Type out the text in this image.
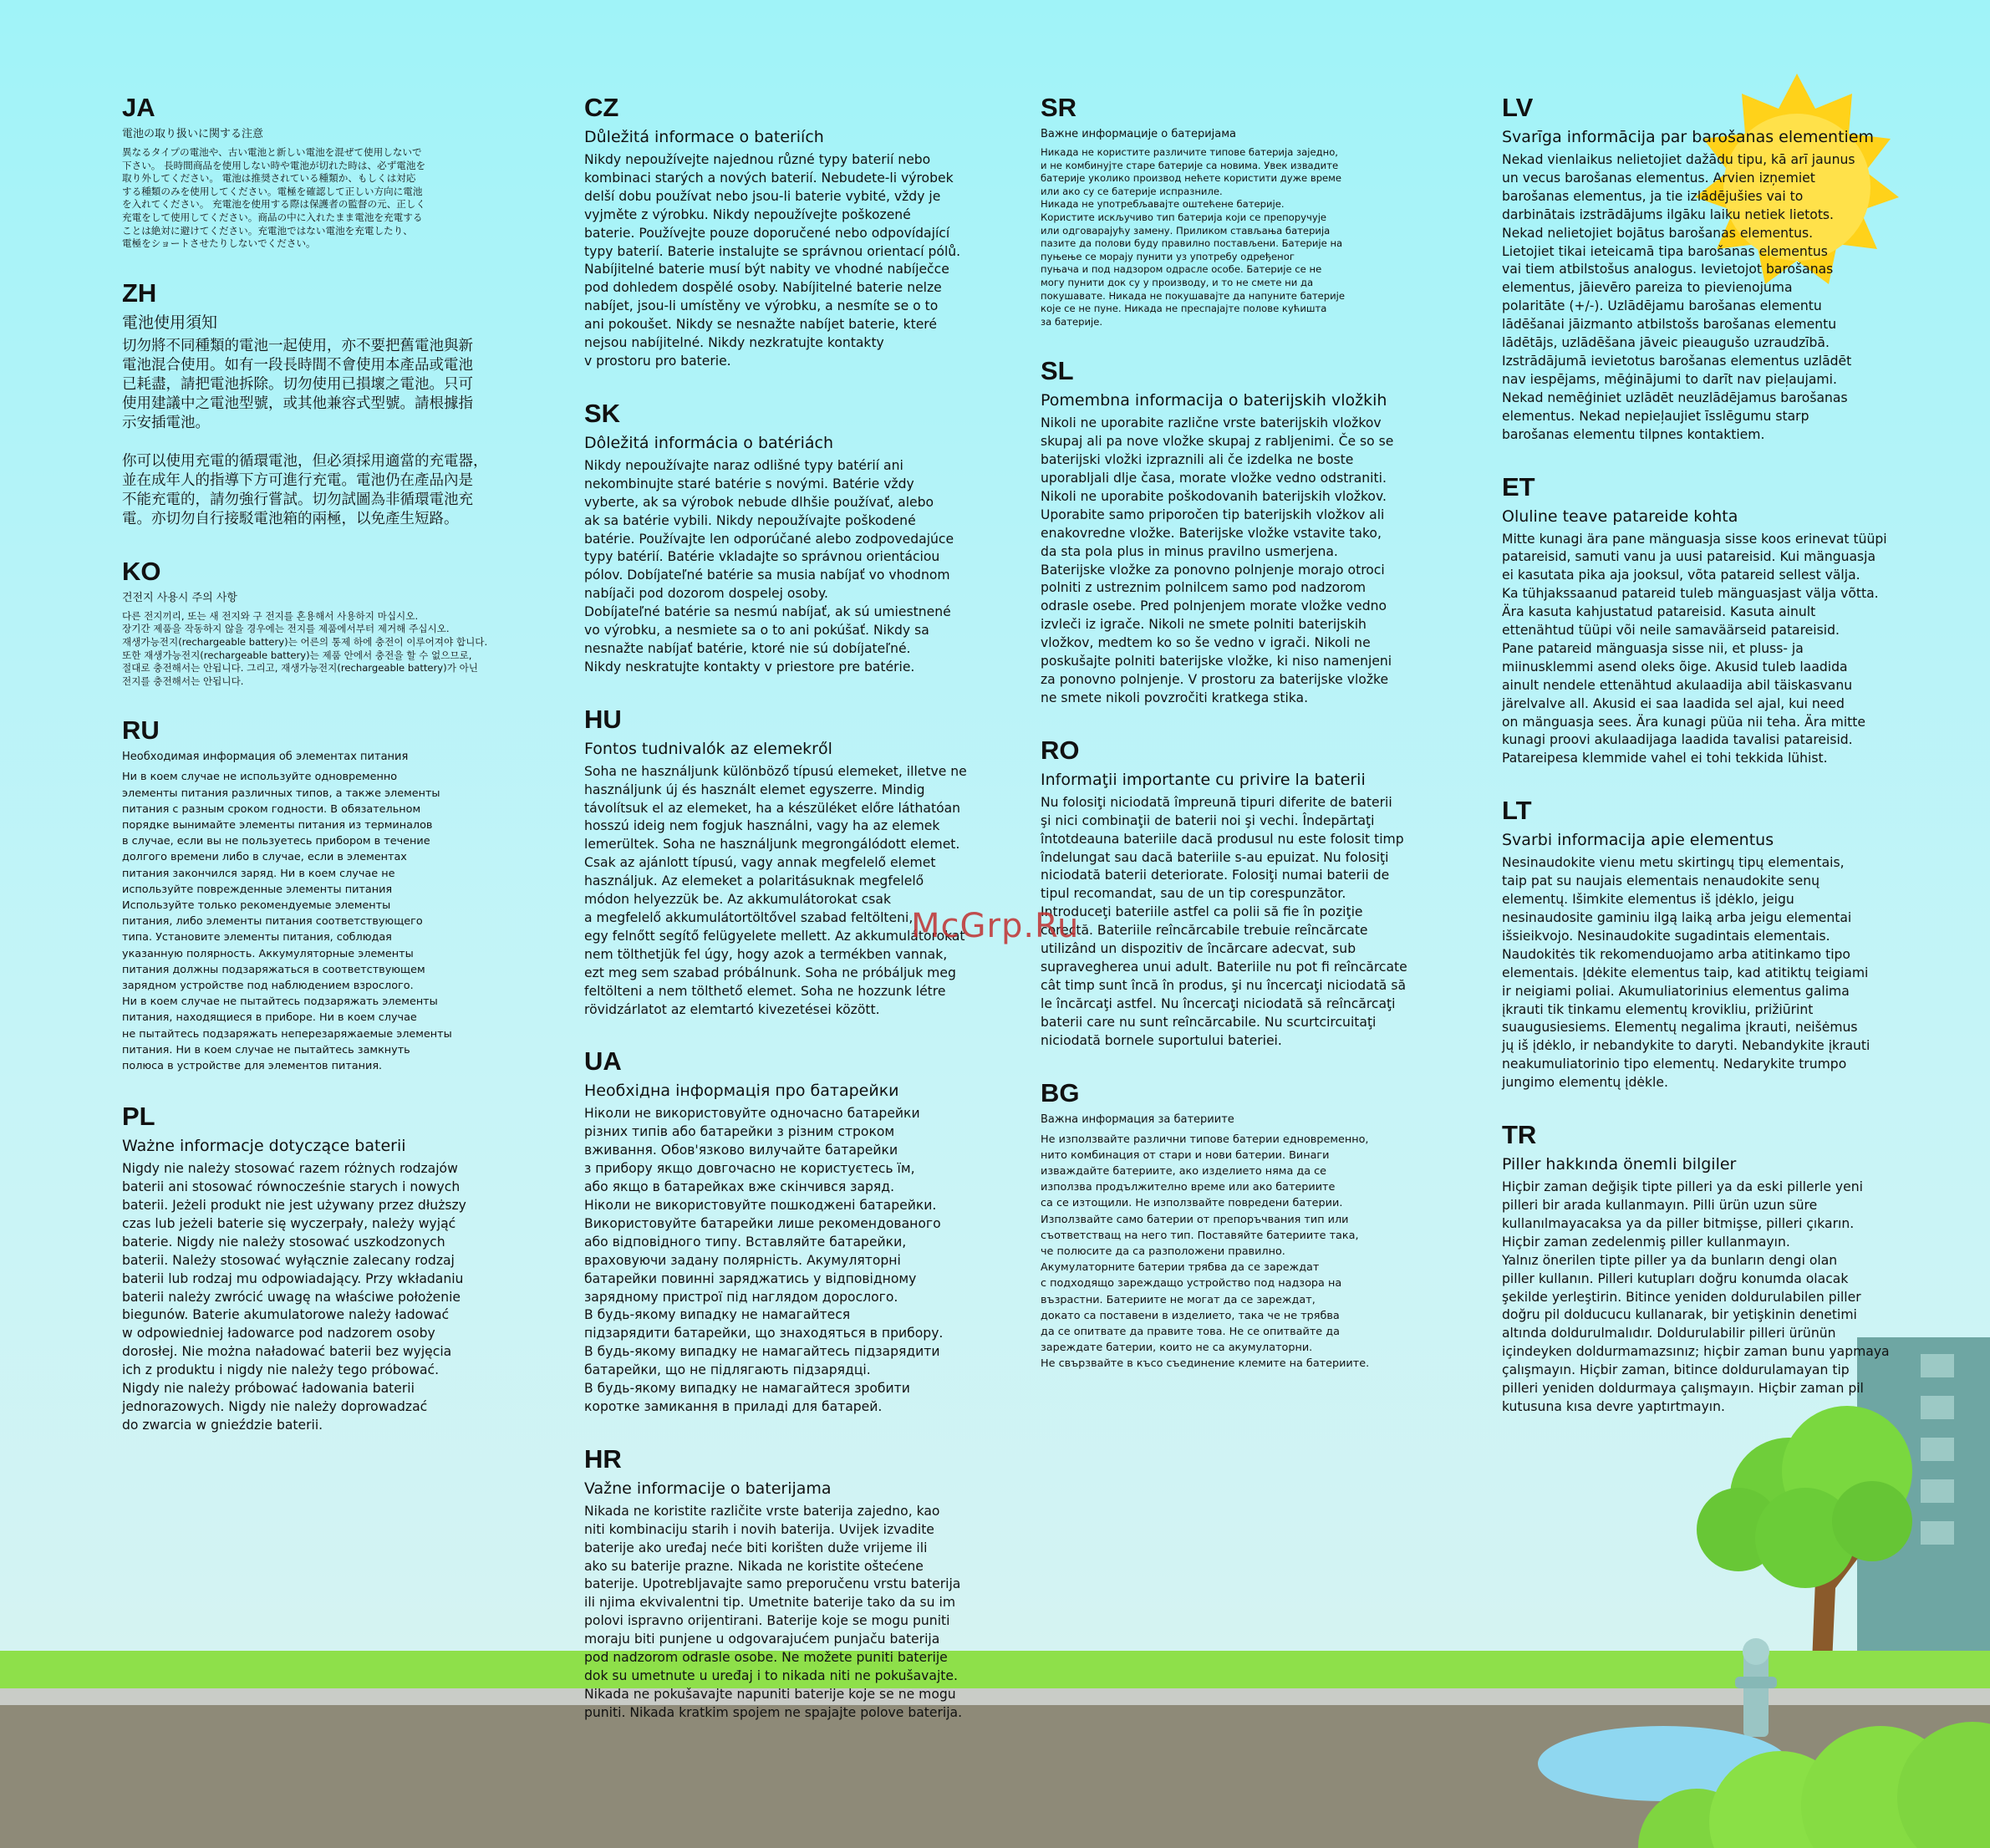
McGrp.Ru
JA
電池の取り扱いに関する注意
異なるタイプの電池や、古い電池と新しい電池を混ぜて使用しないで
下さい。 長時間商品を使用しない時や電池が切れた時は、必ず電池を
取り外してください。 電池は推奨されている種類か、もしくは対応
する種類のみを使用してください。電極を確認して正しい方向に電池
を入れてください。 充電池を使用する際は保護者の監督の元、正しく
充電をして使用してください。商品の中に入れたまま電池を充電する
ことは絶対に避けてください。充電池ではない電池を充電したり、
電極をショートさせたりしないでください。
ZH
電池使用須知
切勿將不同種類的電池一起使用，亦不要把舊電池與新
電池混合使用。如有一段長時間不會使用本產品或電池
已耗盡，請把電池拆除。切勿使用已損壞之電池。只可
使用建議中之電池型號，或其他兼容式型號。請根據指
示安插電池。

你可以使用充電的循環電池，但必須採用適當的充電器，
並在成年人的指導下方可進行充電。電池仍在產品內是
不能充電的，請勿強行嘗試。切勿試圖為非循環電池充
電。亦切勿自行接駁電池箱的兩極，以免產生短路。
KO
건전지 사용시 주의 사항
다른 전지끼리, 또는 새 전지와 구 전지를 혼용해서 사용하지 마십시오.
장기간 제품을 작동하지 않을 경우에는 전지를 제품에서부터 제거해 주십시오.
재생가능전지(rechargeable battery)는 어른의 통제 하에 충전이 이루어져야 합니다.
또한 재생가능전지(rechargeable battery)는 제품 안에서 충전을 할 수 없으므로,
절대로 충전해서는 안됩니다. 그리고, 재생가능전지(rechargeable battery)가 아닌
전지를 충전해서는 안됩니다.
RU
Необходимая информация об элементах питания
Ни в коем случае не используйте одновременно
элементы питания различных типов, а также элементы
питания с разным сроком годности. В обязательном
порядке вынимайте элементы питания из терминалов
в случае, если вы не пользуетесь прибором в течение
долгого времени либо в случае, если в элементах
питания закончился заряд. Ни в коем случае не
используйте поврежденные элементы питания
Используйте только рекомендуемые элементы
питания, либо элементы питания соответствующего
типа. Установите элементы питания, соблюдая
указанную полярность. Аккумуляторные элементы
питания должны подзаряжаться в соответствующем
зарядном устройстве под наблюдением взрослого.
Ни в коем случае не пытайтесь подзаряжать элементы
питания, находящиеся в приборе. Ни в коем случае
не пытайтесь подзаряжать неперезаряжаемые элементы
питания. Ни в коем случае не пытайтесь замкнуть
полюса в устройстве для элементов питания.
PL
Ważne informacje dotyczące baterii
Nigdy nie należy stosować razem różnych rodzajów
baterii ani stosować równocześnie starych i nowych
baterii. Jeżeli produkt nie jest używany przez dłuższy
czas lub jeżeli baterie się wyczerpały, należy wyjąć
baterie. Nigdy nie należy stosować uszkodzonych
baterii. Należy stosować wyłącznie zalecany rodzaj
baterii lub rodzaj mu odpowiadający. Przy wkładaniu
baterii należy zwrócić uwagę na właściwe położenie
biegunów. Baterie akumulatorowe należy ładować
w odpowiedniej ładowarce pod nadzorem osoby
dorosłej. Nie można naładować baterii bez wyjęcia
ich z produktu i nigdy nie należy tego próbować.
Nigdy nie należy próbować ładowania baterii
jednorazowych. Nigdy nie należy doprowadzać
do zwarcia w gnieździe baterii.
CZ
Důležitá informace o bateriích
Nikdy nepoužívejte najednou různé typy baterií nebo
kombinaci starých a nových baterií. Nebudete-li výrobek
delší dobu používat nebo jsou-li baterie vybité, vždy je
vyjměte z výrobku. Nikdy nepoužívejte poškozené
baterie. Používejte pouze doporučené nebo odpovídající
typy baterií. Baterie instalujte se správnou orientací pólů.
Nabíjitelné baterie musí být nabity ve vhodné nabíječce
pod dohledem dospělé osoby. Nabíjitelné baterie nelze
nabíjet, jsou-li umístěny ve výrobku, a nesmíte se o to
ani pokoušet. Nikdy se nesnažte nabíjet baterie, které
nejsou nabíjitelné. Nikdy nezkratujte kontakty
v prostoru pro baterie.
SK
Dôležitá informácia o batériách
Nikdy nepoužívajte naraz odlišné typy batérií ani
nekombinujte staré batérie s novými. Batérie vždy
vyberte, ak sa výrobok nebude dlhšie používať, alebo
ak sa batérie vybili. Nikdy nepoužívajte poškodené
batérie. Používajte len odporúčané alebo zodpovedajúce
typy batérií. Batérie vkladajte so správnou orientáciou
pólov. Dobíjateľné batérie sa musia nabíjať vo vhodnom
nabíjači pod dozorom dospelej osoby.
Dobíjateľné batérie sa nesmú nabíjať, ak sú umiestnené
vo výrobku, a nesmiete sa o to ani pokúšať. Nikdy sa
nesnažte nabíjať batérie, ktoré nie sú dobíjateľné.
Nikdy neskratujte kontakty v priestore pre batérie.
HU
Fontos tudnivalók az elemekről
Soha ne használjunk különböző típusú elemeket, illetve ne
használjunk új és használt elemet egyszerre. Mindig
távolítsuk el az elemeket, ha a készüléket előre láthatóan
hosszú ideig nem fogjuk használni, vagy ha az elemek
lemerültek. Soha ne használjunk megrongálódott elemet.
Csak az ajánlott típusú, vagy annak megfelelő elemet
használjuk. Az elemeket a polaritásuknak megfelelő
módon helyezzük be. Az akkumulátorokat csak
a megfelelő akkumulátortöltővel szabad feltölteni,
egy felnőtt segítő felügyelete mellett. Az akkumulátorokat
nem tölthetjük fel úgy, hogy azok a termékben vannak,
ezt meg sem szabad próbálnunk. Soha ne próbáljuk meg
feltölteni a nem tölthető elemet. Soha ne hozzunk létre
rövidzárlatot az elemtartó kivezetései között.
UA
Необхідна інформація про батарейки
Ніколи не використовуйте одночасно батарейки
різних типів або батарейки з різним строком
вживання. Обов'язково вилучайте батарейки
з прибору якщо довгочасно не користуєтесь їм,
або якщо в батарейках вже скінчився заряд.
Ніколи не використовуйте пошкоджені батарейки.
Використовуйте батарейки лише рекомендованого
або відповідного типу. Вставляйте батарейки,
враховуючи задану полярність. Акумуляторні
батарейки повинні заряджатись у відповідному
зарядному пристрої під наглядом дорослого.
В будь-якому випадку не намагайтеся
підзарядити батарейки, що знаходяться в прибору.
В будь-якому випадку не намагайтесь підзарядити
батарейки, що не підлягають підзарядці.
В будь-якому випадку не намагайтеся зробити
коротке замикання в приладі для батарей.
HR
Važne informacije o baterijama
Nikada ne koristite različite vrste baterija zajedno, kao
niti kombinaciju starih i novih baterija. Uvijek izvadite
baterije ako uređaj neće biti korišten duže vrijeme ili
ako su baterije prazne. Nikada ne koristite oštećene
baterije. Upotrebljavajte samo preporučenu vrstu baterija
ili njima ekvivalentni tip. Umetnite baterije tako da su im
polovi ispravno orijentirani. Baterije koje se mogu puniti
moraju biti punjene u odgovarajućem punjaču baterija
pod nadzorom odrasle osobe. Ne možete puniti baterije
dok su umetnute u uređaj i to nikada niti ne pokušavajte.
Nikada ne pokušavajte napuniti baterije koje se ne mogu
puniti. Nikada kratkim spojem ne spajajte polove baterija.
SR
Важне информације о батеријама
Никада не користите различите типове батерија заједно,
и не комбинујте старе батерије са новима. Увек извадите
батерије уколико производ нећете користити дуже време
или ако су се батерије испразниле.
Никада не употребљавајте оштећене батерије.
Користите искључиво тип батерија који се препоручује
или одговарајућу замену. Приликом стављања батерија
пазите да полови буду правилно постављени. Батерије на
пуњење се морају пунити уз употребу одређеног
пуњача и под надзором одрасле особе. Батерије се не
могу пунити док су у производу, и то не смете ни да
покушавате. Никада не покушавајте да напуните батерије
које се не пуне. Никада не преспајајте полове кућишта
за батерије.
SL
Pomembna informacija o baterijskih vložkih
Nikoli ne uporabite različne vrste baterijskih vložkov
skupaj ali pa nove vložke skupaj z rabljenimi. Če so se
baterijski vložki izpraznili ali če izdelka ne boste
uporabljali dlje časa, morate vložke vedno odstraniti.
Nikoli ne uporabite poškodovanih baterijskih vložkov.
Uporabite samo priporočen tip baterijskih vložkov ali
enakovredne vložke. Baterijske vložke vstavite tako,
da sta pola plus in minus pravilno usmerjena.
Baterijske vložke za ponovno polnjenje morajo otroci
polniti z ustreznim polnilcem samo pod nadzorom
odrasle osebe. Pred polnjenjem morate vložke vedno
izvleči iz igrače. Nikoli ne smete polniti baterijskih
vložkov, medtem ko so še vedno v igrači. Nikoli ne
poskušajte polniti baterijske vložke, ki niso namenjeni
za ponovno polnjenje. V prostoru za baterijske vložke
ne smete nikoli povzročiti kratkega stika.
RO
Informaţii importante cu privire la baterii
Nu folosiţi niciodată împreună tipuri diferite de baterii
şi nici combinaţii de baterii noi şi vechi. Îndepărtaţi
întotdeauna bateriile dacă produsul nu este folosit timp
îndelungat sau dacă bateriile s-au epuizat. Nu folosiţi
niciodată baterii deteriorate. Folosiţi numai baterii de
tipul recomandat, sau de un tip corespunzător.
Introduceţi bateriile astfel ca polii să fie în poziţie
corectă. Bateriile reîncărcabile trebuie reîncărcate
utilizând un dispozitiv de încărcare adecvat, sub
supravegherea unui adult. Bateriile nu pot fi reîncărcate
cât timp sunt încă în produs, şi nu încercaţi niciodată să
le încărcaţi astfel. Nu încercaţi niciodată să reîncărcaţi
baterii care nu sunt reîncărcabile. Nu scurtcircuitaţi
niciodată bornele suportului bateriei.
BG
Важна информация за батериите
Не използвайте различни типове батерии едновременно,
нито комбинация от стари и нови батерии. Винаги
изваждайте батериите, ако изделието няма да се
използва продължително време или ако батериите
са се изтощили. Не използвайте повредени батерии.
Използвайте само батерии от препоръчвания тип или
съответстващ на него тип. Поставяйте батериите така,
че полюсите да са разположени правилно.
Акумулаторните батерии трябва да се зареждат
с подходящо зареждащо устройство под надзора на
възрастни. Батериите не могат да се зареждат,
докато са поставени в изделието, така че не трябва
да се опитвате да правите това. Не се опитвайте да
зареждате батерии, които не са акумулаторни.
Не свързвайте в късо съединение клемите на батериите.
LV
Svarīga informācija par barošanas elementiem
Nekad vienlaikus nelietojiet dažādu tipu, kā arī jaunus
un vecus barošanas elementus. Arvien izņemiet
barošanas elementus, ja tie izlādējušies vai to
darbinātais izstrādājums ilgāku laiku netiek lietots.
Nekad nelietojiet bojātus barošanas elementus.
Lietojiet tikai ieteicamā tipa barošanas elementus
vai tiem atbilstošus analogus. Ievietojot barošanas
elementus, jāievēro pareiza to pievienojuma
polaritāte (+/-). Uzlādējamu barošanas elementu
lādēšanai jāizmanto atbilstošs barošanas elementu
lādētājs, uzlādēšana jāveic pieaugušo uzraudzībā.
Izstrādājumā ievietotus barošanas elementus uzlādēt
nav iespējams, mēģinājumi to darīt nav pieļaujami.
Nekad nemēģiniet uzlādēt neuzlādējamus barošanas
elementus. Nekad nepieļaujiet īsslēgumu starp
barošanas elementu tilpnes kontaktiem.
ET
Oluline teave patareide kohta
Mitte kunagi ära pane mänguasja sisse koos erinevat tüüpi
patareisid, samuti vanu ja uusi patareisid. Kui mänguasja
ei kasutata pika aja jooksul, võta patareid sellest välja.
Ka tühjakssaanud patareid tuleb mänguasjast välja võtta.
Ära kasuta kahjustatud patareisid. Kasuta ainult
ettenähtud tüüpi või neile samaväärseid patareisid.
Pane patareid mänguasja sisse nii, et pluss- ja
miinusklemmi asend oleks õige. Akusid tuleb laadida
ainult nendele ettenähtud akulaadija abil täiskasvanu
järelvalve all. Akusid ei saa laadida sel ajal, kui need
on mänguasja sees. Ära kunagi püüa nii teha. Ära mitte
kunagi proovi akulaadijaga laadida tavalisi patareisid.
Patareipesa klemmide vahel ei tohi tekkida lühist.
LT
Svarbi informacija apie elementus
Nesinaudokite vienu metu skirtingų tipų elementais,
taip pat su naujais elementais nenaudokite senų
elementų. Išimkite elementus iš įdėklo, jeigu
nesinaudosite gaminiu ilgą laiką arba jeigu elementai
išsieikvojo. Nesinaudokite sugadintais elementais.
Naudokitės tik rekomenduojamo arba atitinkamo tipo
elementais. Įdėkite elementus taip, kad atitiktų teigiami
ir neigiami poliai. Akumuliatorinius elementus galima
įkrauti tik tinkamu elementų krovikliu, prižiūrint
suaugusiesiems. Elementų negalima įkrauti, neišėmus
jų iš įdėklo, ir nebandykite to daryti. Nebandykite įkrauti
neakumuliatorinio tipo elementų. Nedarykite trumpo
jungimo elementų įdėkle.
TR
Piller hakkında önemli bilgiler
Hiçbir zaman değişik tipte pilleri ya da eski pillerle yeni
pilleri bir arada kullanmayın. Pilli ürün uzun süre
kullanılmayacaksa ya da piller bitmişse, pilleri çıkarın.
Hiçbir zaman zedelenmiş piller kullanmayın.
Yalnız önerilen tipte piller ya da bunların dengi olan
piller kullanın. Pilleri kutupları doğru konumda olacak
şekilde yerleştirin. Bitince yeniden doldurulabilen piller
doğru pil dolducucu kullanarak, bir yetişkinin denetimi
altında doldurulmalıdır. Doldurulabilir pilleri ürünün
içindeyken doldurmamazsınız; hiçbir zaman bunu yapmaya
çalışmayın. Hiçbir zaman, bitince doldurulamayan tip
pilleri yeniden doldurmaya çalışmayın. Hiçbir zaman pil
kutusuna kısa devre yaptırtmayın.
